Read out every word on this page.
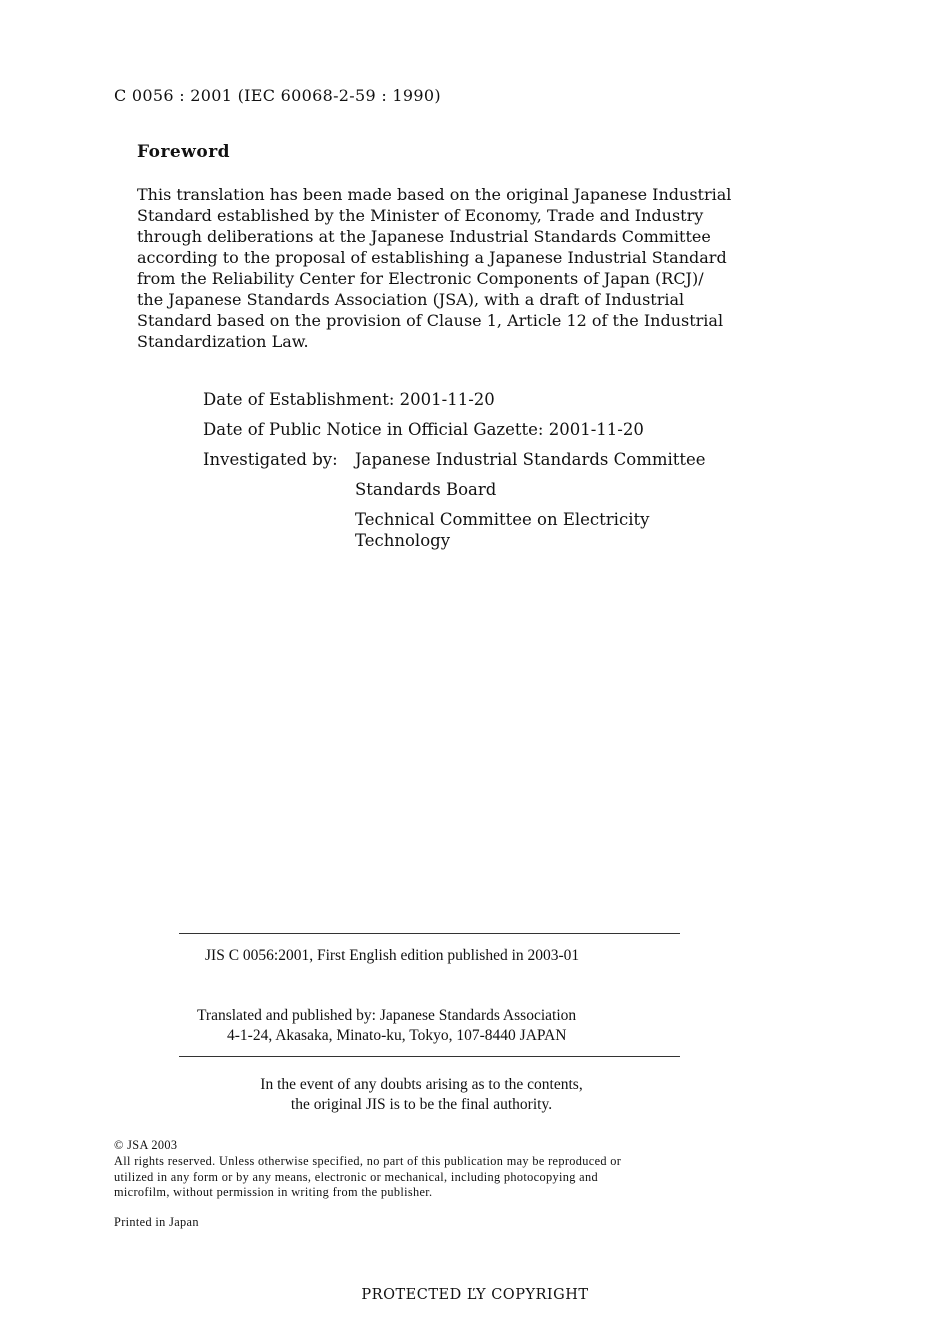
C 0056 : 2001 (IEC 60068-2-59 : 1990)
Foreword
This translation has been made based on the original Japanese Industrial
Standard established by the Minister of Economy, Trade and Industry
through deliberations at the Japanese Industrial Standards Committee
according to the proposal of establishing a Japanese Industrial Standard
from the Reliability Center for Electronic Components of Japan (RCJ)/
the Japanese Standards Association (JSA), with a draft of Industrial
Standard based on the provision of Clause 1, Article 12 of the Industrial
Standardization Law.
Date of Establishment: 2001-11-20
Date of Public Notice in Official Gazette: 2001-11-20
Investigated by: Japanese Industrial Standards Committee
Standards Board
Technical Committee on Electricity
Technology
JIS C 0056:2001, First English edition published in 2003-01
Translated and published by: Japanese Standards Association
4-1-24, Akasaka, Minato-ku, Tokyo, 107-8440 JAPAN
In the event of any doubts arising as to the contents,
the original JIS is to be the final authority.
© JSA 2003
All rights reserved. Unless otherwise specified, no part of this publication may be reproduced or
utilized in any form or by any means, electronic or mechanical, including photocopying and
microfilm, without permission in writing from the publisher.
Printed in Japan
PROTECTED ĽY COPYRIGHT
